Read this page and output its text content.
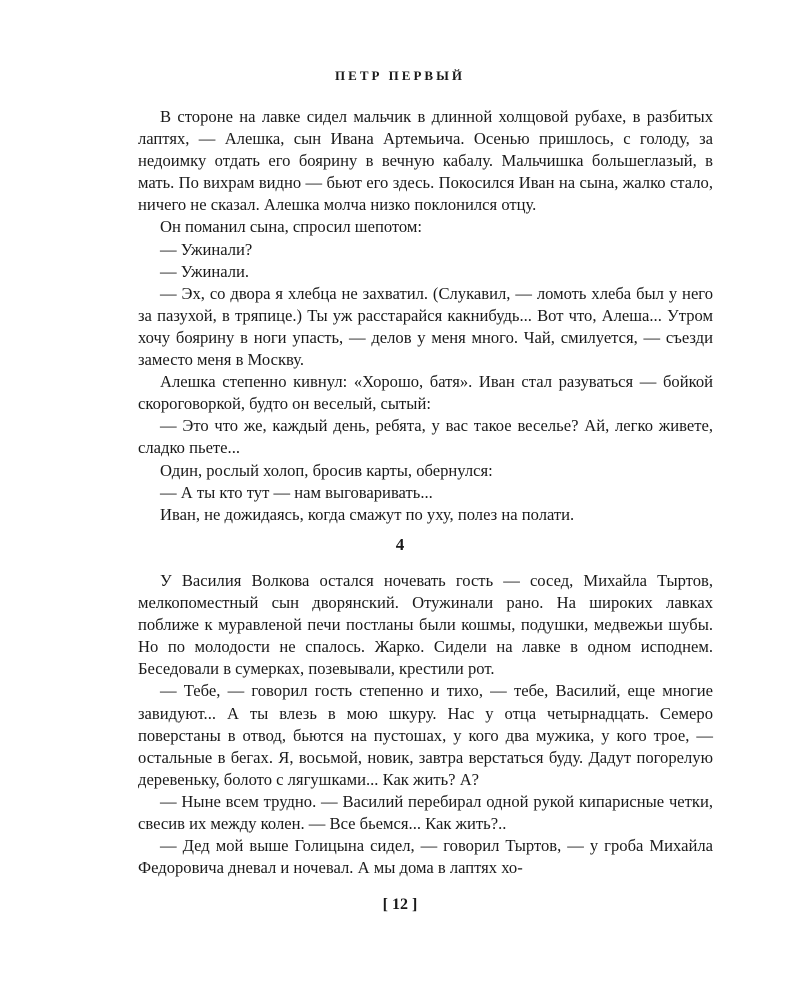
ПЕТР ПЕРВЫЙ

В стороне на лавке сидел мальчик в длинной холщовой рубахе, в разбитых лаптях, — Алешка, сын Ивана Артемьича. Осенью пришлось, с голоду, за недоимку отдать его боярину в вечную кабалу. Мальчишка большеглазый, в мать. По вихрам видно — бьют его здесь. Покосился Иван на сына, жалко стало, ничего не сказал. Алешка молча низко поклонился отцу.

Он поманил сына, спросил шепотом:

— Ужинали?

— Ужинали.

— Эх, со двора я хлебца не захватил. (Слукавил, — ломоть хлеба был у него за пазухой, в тряпице.) Ты уж расстарайся какнибудь... Вот что, Алеша... Утром хочу боярину в ноги упасть, — делов у меня много. Чай, смилуется, — съезди заместо меня в Москву.

Алешка степенно кивнул: «Хорошо, батя». Иван стал разуваться — бойкой скороговоркой, будто он веселый, сытый:

— Это что же, каждый день, ребята, у вас такое веселье? Ай, легко живете, сладко пьете...

Один, рослый холоп, бросив карты, обернулся:

— А ты кто тут — нам выговаривать...

Иван, не дожидаясь, когда смажут по уху, полез на полати.

4

У Василия Волкова остался ночевать гость — сосед, Михайла Тыртов, мелкопоместный сын дворянский. Отужинали рано. На широких лавках поближе к муравленой печи постланы были кошмы, подушки, медвежьи шубы. Но по молодости не спалось. Жарко. Сидели на лавке в одном исподнем. Беседовали в сумерках, позевывали, крестили рот.

— Тебе, — говорил гость степенно и тихо, — тебе, Василий, еще многие завидуют... А ты влезь в мою шкуру. Нас у отца четырнадцать. Семеро поверстаны в отвод, бьются на пустошах, у кого два мужика, у кого трое, — остальные в бегах. Я, восьмой, новик, завтра верстаться буду. Дадут погорелую деревеньку, болото с лягушками... Как жить? А?

— Ныне всем трудно. — Василий перебирал одной рукой кипарисные четки, свесив их между колен. — Все бьемся... Как жить?..

— Дед мой выше Голицына сидел, — говорил Тыртов, — у гроба Михайла Федоровича дневал и ночевал. А мы дома в лаптях хо-

[ 12 ]
